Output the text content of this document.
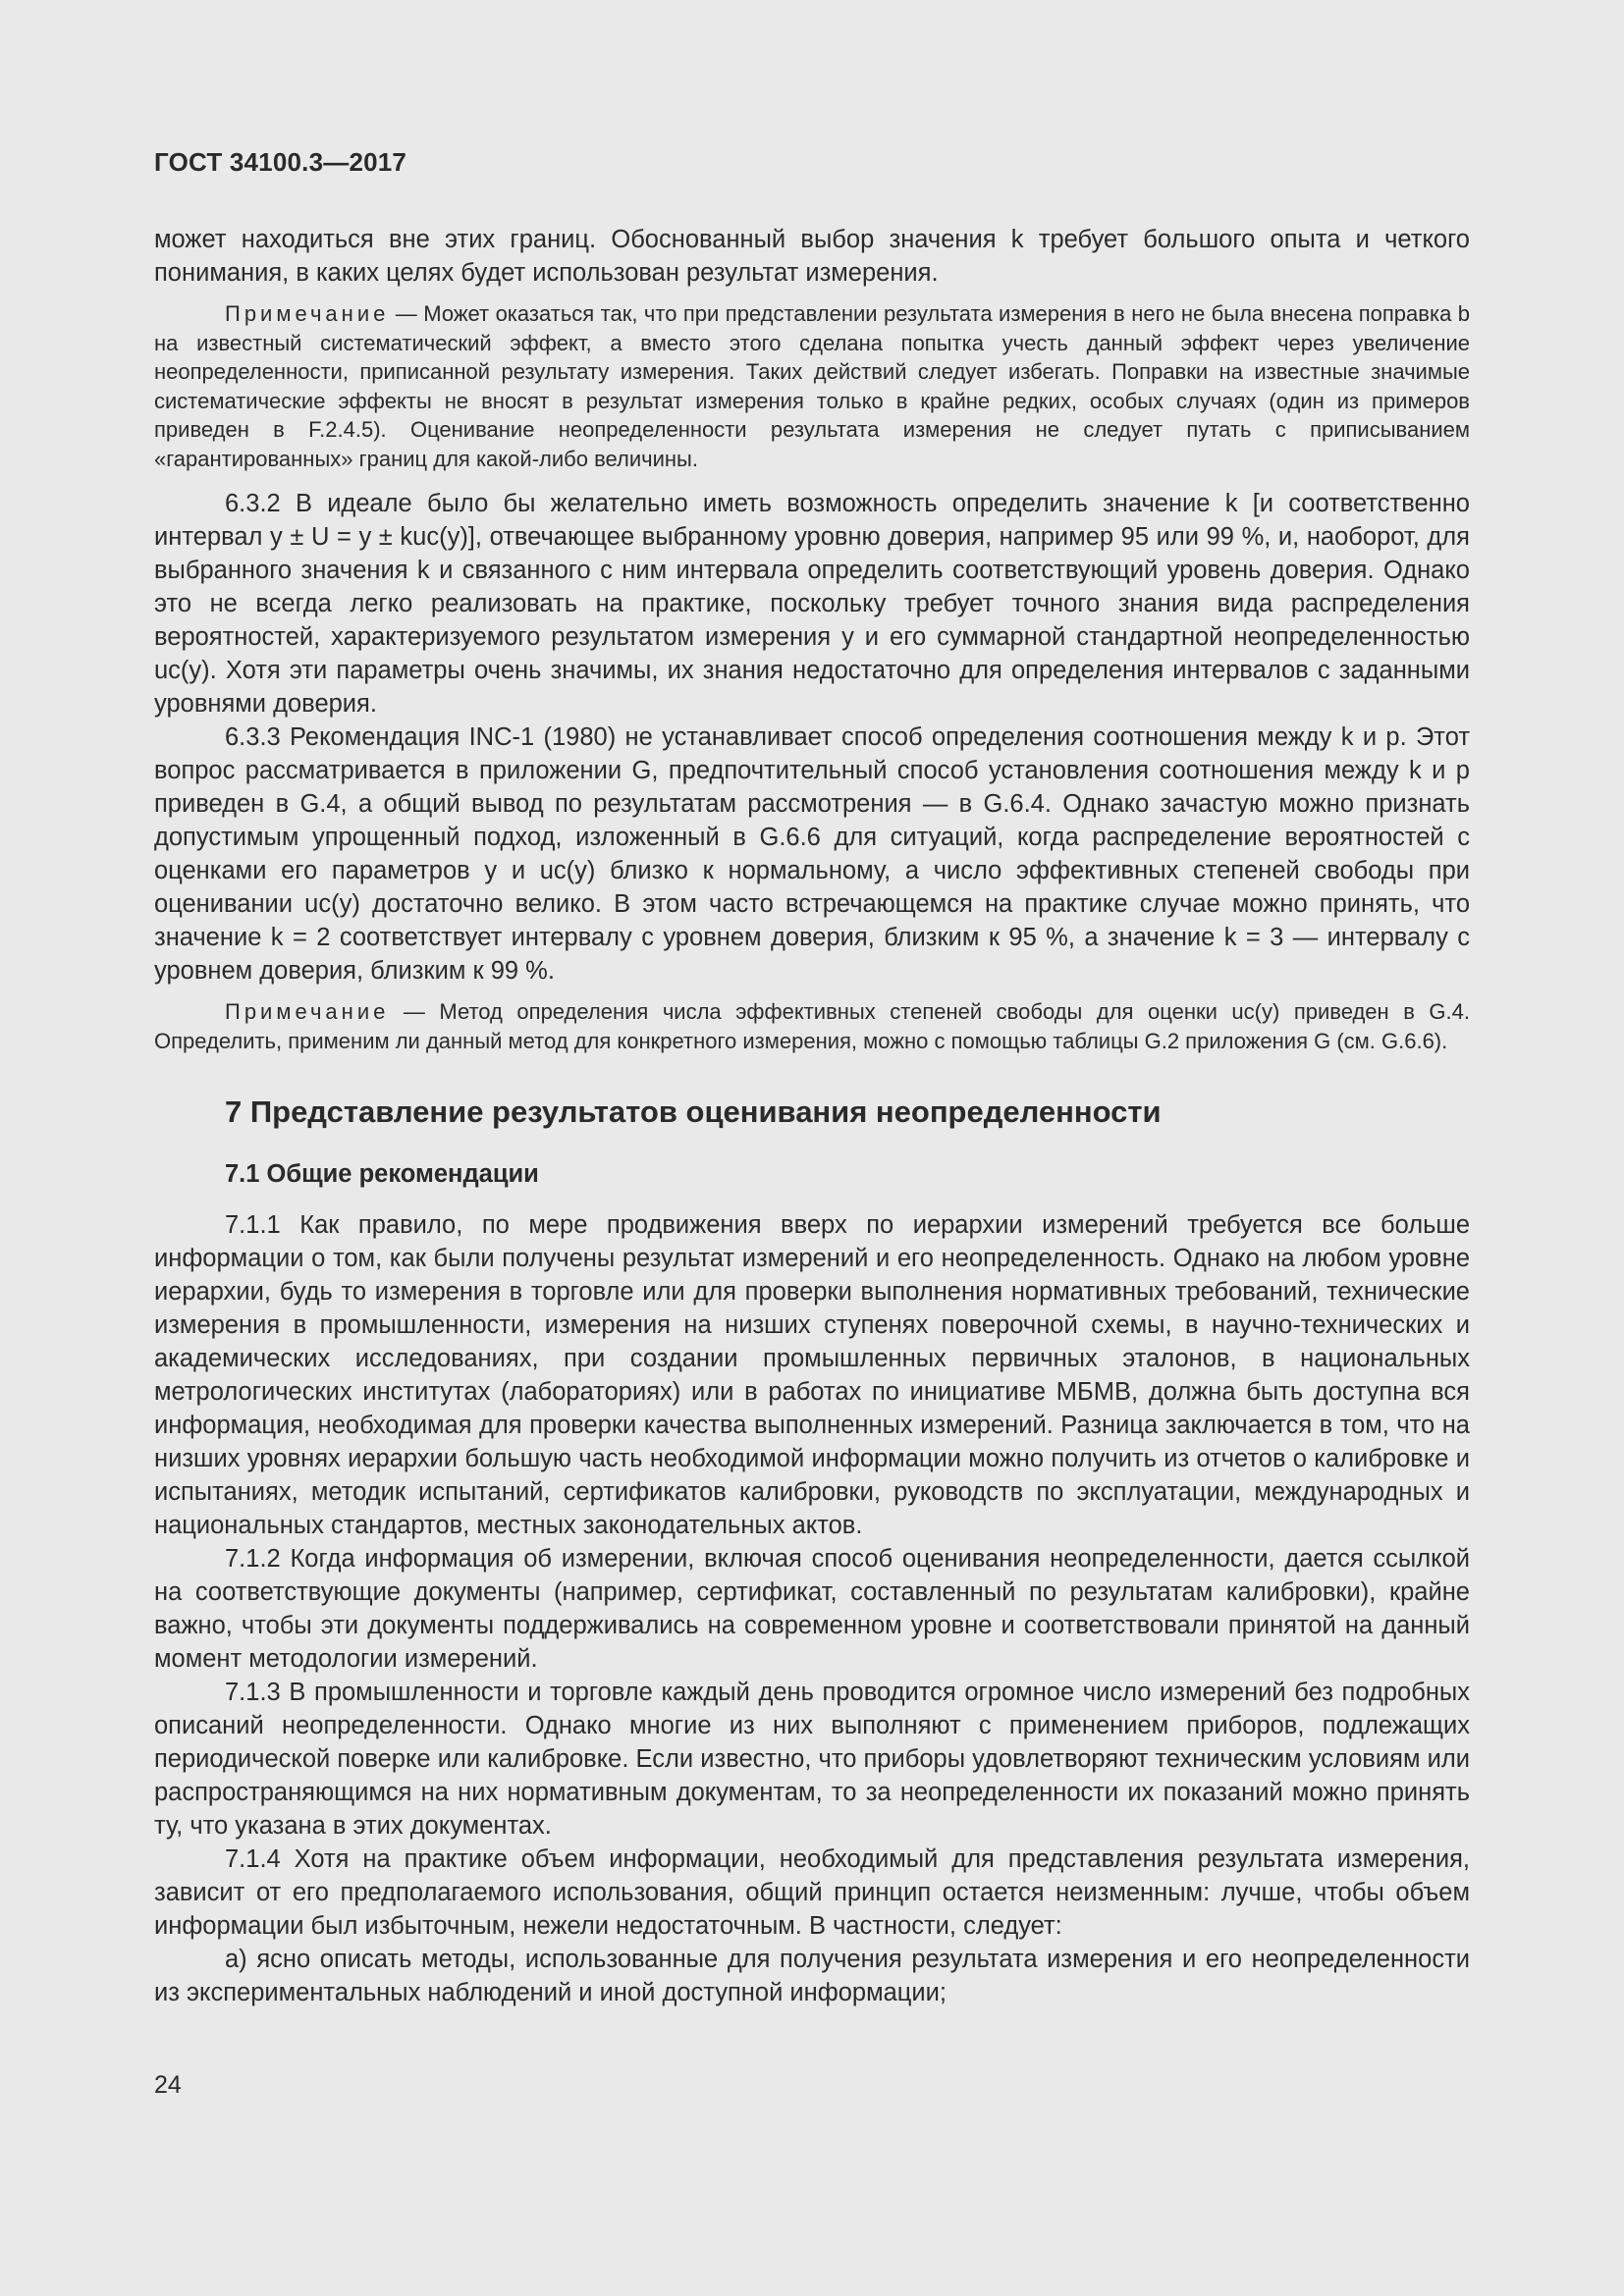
ГОСТ 34100.3—2017

может находиться вне этих границ. Обоснованный выбор значения k требует большого опыта и четкого понимания, в каких целях будет использован результат измерения.

Примечание — Может оказаться так, что при представлении результата измерения в него не была внесена поправка b на известный систематический эффект, а вместо этого сделана попытка учесть данный эффект через увеличение неопределенности, приписанной результату измерения. Таких действий следует избегать. Поправки на известные значимые систематические эффекты не вносят в результат измерения только в крайне редких, особых случаях (один из примеров приведен в F.2.4.5). Оценивание неопределенности результата измерения не следует путать с приписыванием «гарантированных» границ для какой-либо величины.

6.3.2 В идеале было бы желательно иметь возможность определить значение k [и соответственно интервал y ± U = y ± kuc(y)], отвечающее выбранному уровню доверия, например 95 или 99 %, и, наоборот, для выбранного значения k и связанного с ним интервала определить соответствующий уровень доверия. Однако это не всегда легко реализовать на практике, поскольку требует точного знания вида распределения вероятностей, характеризуемого результатом измерения y и его суммарной стандартной неопределенностью uc(y). Хотя эти параметры очень значимы, их знания недостаточно для определения интервалов с заданными уровнями доверия.

6.3.3 Рекомендация INC-1 (1980) не устанавливает способ определения соотношения между k и p. Этот вопрос рассматривается в приложении G, предпочтительный способ установления соотношения между k и p приведен в G.4, а общий вывод по результатам рассмотрения — в G.6.4. Однако зачастую можно признать допустимым упрощенный подход, изложенный в G.6.6 для ситуаций, когда распределение вероятностей с оценками его параметров y и uc(y) близко к нормальному, а число эффективных степеней свободы при оценивании uc(y) достаточно велико. В этом часто встречающемся на практике случае можно принять, что значение k = 2 соответствует интервалу с уровнем доверия, близким к 95 %, а значение k = 3 — интервалу с уровнем доверия, близким к 99 %.

Примечание — Метод определения числа эффективных степеней свободы для оценки uc(y) приведен в G.4. Определить, применим ли данный метод для конкретного измерения, можно с помощью таблицы G.2 приложения G (см. G.6.6).

7 Представление результатов оценивания неопределенности
7.1 Общие рекомендации

7.1.1 Как правило, по мере продвижения вверх по иерархии измерений требуется все больше информации о том, как были получены результат измерений и его неопределенность. Однако на любом уровне иерархии, будь то измерения в торговле или для проверки выполнения нормативных требований, технические измерения в промышленности, измерения на низших ступенях поверочной схемы, в научно-технических и академических исследованиях, при создании промышленных первичных эталонов, в национальных метрологических институтах (лабораториях) или в работах по инициативе МБМВ, должна быть доступна вся информация, необходимая для проверки качества выполненных измерений. Разница заключается в том, что на низших уровнях иерархии большую часть необходимой информации можно получить из отчетов о калибровке и испытаниях, методик испытаний, сертификатов калибровки, руководств по эксплуатации, международных и национальных стандартов, местных законодательных актов.

7.1.2 Когда информация об измерении, включая способ оценивания неопределенности, дается ссылкой на соответствующие документы (например, сертификат, составленный по результатам калибровки), крайне важно, чтобы эти документы поддерживались на современном уровне и соответствовали принятой на данный момент методологии измерений.

7.1.3 В промышленности и торговле каждый день проводится огромное число измерений без подробных описаний неопределенности. Однако многие из них выполняют с применением приборов, подлежащих периодической поверке или калибровке. Если известно, что приборы удовлетворяют техническим условиям или распространяющимся на них нормативным документам, то за неопределенности их показаний можно принять ту, что указана в этих документах.

7.1.4 Хотя на практике объем информации, необходимый для представления результата измерения, зависит от его предполагаемого использования, общий принцип остается неизменным: лучше, чтобы объем информации был избыточным, нежели недостаточным. В частности, следует:

a) ясно описать методы, использованные для получения результата измерения и его неопределенности из экспериментальных наблюдений и иной доступной информации;

24
